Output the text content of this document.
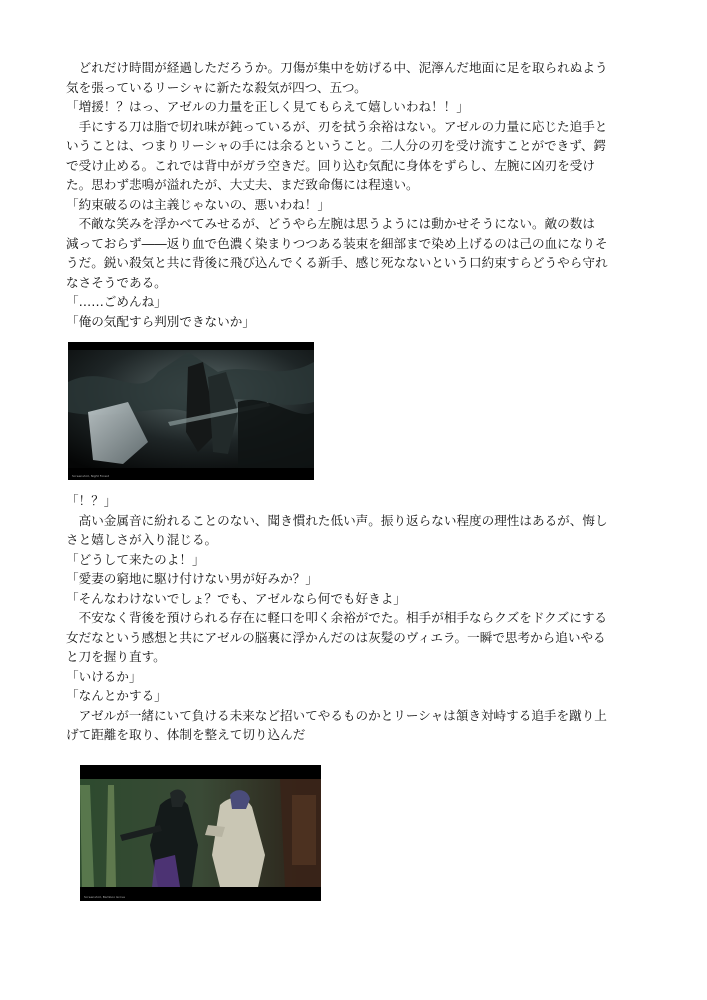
　どれだけ時間が経過しただろうか。刀傷が集中を妨げる中、泥濘んだ地面に足を取られぬよう

気を張っているリーシャに新たな殺気が四つ、五つ。

「増援！？はっ、アゼルの力量を正しく見てもらえて嬉しいわね！！」

　手にする刀は脂で切れ味が鈍っているが、刃を拭う余裕はない。アゼルの力量に応じた追手と

いうことは、つまりリーシャの手には余るということ。二人分の刃を受け流すことができず、鍔

で受け止める。これでは背中がガラ空きだ。回り込む気配に身体をずらし、左腕に凶刃を受け

た。思わず悲鳴が溢れたが、大丈夫、まだ致命傷には程遠い。

「約束破るのは主義じゃないの、悪いわね！」

　不敵な笑みを浮かべてみせるが、どうやら左腕は思うようには動かせそうにない。敵の数は

減っておらず――返り血で色濃く染まりつつある装束を細部まで染め上げるのは己の血になりそ

うだ。鋭い殺気と共に背後に飛び込んでくる新手、感じ死なないという口約束すらどうやら守れ

なさそうである。

「……ごめんね」

「俺の気配すら判別できないか」

Screenshot, Night Forest

「！？」

　高い金属音に紛れることのない、聞き慣れた低い声。振り返らない程度の理性はあるが、悔し

さと嬉しさが入り混じる。

「どうして来たのよ！」

「愛妻の窮地に駆け付けない男が好みか？」

「そんなわけないでしょ？でも、アゼルなら何でも好きよ」

　不安なく背後を預けられる存在に軽口を叩く余裕がでた。相手が相手ならクズをドクズにする

女だなという感想と共にアゼルの脳裏に浮かんだのは灰髪のヴィエラ。一瞬で思考から追いやる

と刀を握り直す。

「いけるか」

「なんとかする」

　アゼルが一緒にいて負ける未来など招いてやるものかとリーシャは頷き対峙する追手を蹴り上

げて距離を取り、体制を整えて切り込んだ

Screenshot, Bamboo Grove
